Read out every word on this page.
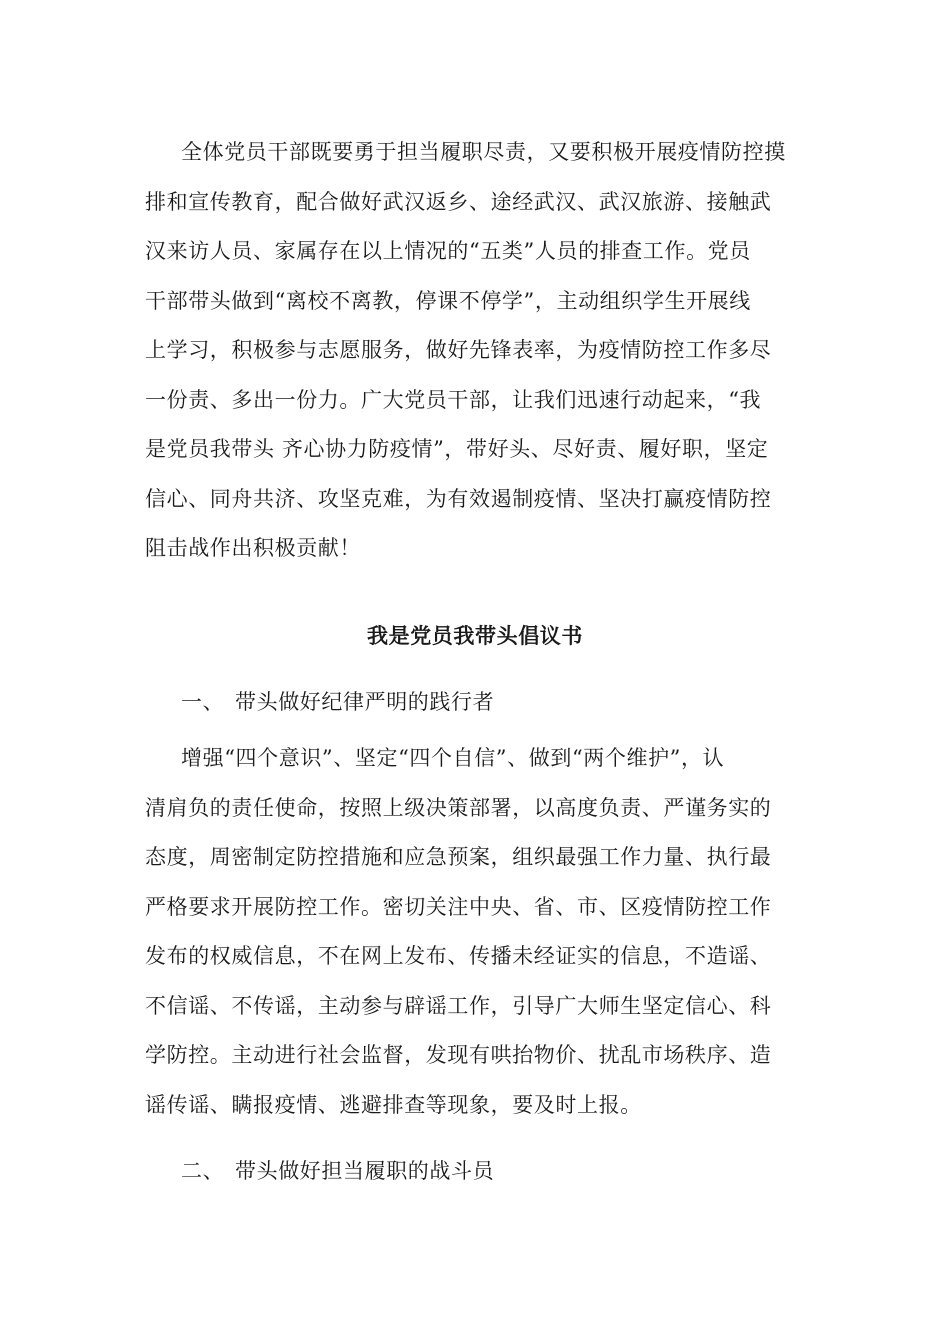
全体党员干部既要勇于担当履职尽责，又要积极开展疫情防控摸
排和宣传教育，配合做好武汉返乡、途经武汉、武汉旅游、接触武
汉来访人员、家属存在以上情况的“五类”人员的排查工作。党员
干部带头做到“离校不离教，停课不停学”，主动组织学生开展线
上学习，积极参与志愿服务，做好先锋表率，为疫情防控工作多尽
一份责、多出一份力。广大党员干部，让我们迅速行动起来，“我
是党员我带头 齐心协力防疫情”，带好头、尽好责、履好职，坚定
信心、同舟共济、攻坚克难，为有效遏制疫情、坚决打赢疫情防控
阻击战作出积极贡献！
我是党员我带头倡议书
一、 带头做好纪律严明的践行者
增强“四个意识”、坚定“四个自信”、做到“两个维护”，认
清肩负的责任使命，按照上级决策部署，以高度负责、严谨务实的
态度，周密制定防控措施和应急预案，组织最强工作力量、执行最
严格要求开展防控工作。密切关注中央、省、市、区疫情防控工作
发布的权威信息，不在网上发布、传播未经证实的信息，不造谣、
不信谣、不传谣，主动参与辟谣工作，引导广大师生坚定信心、科
学防控。主动进行社会监督，发现有哄抬物价、扰乱市场秩序、造
谣传谣、瞒报疫情、逃避排查等现象，要及时上报。
二、 带头做好担当履职的战斗员
